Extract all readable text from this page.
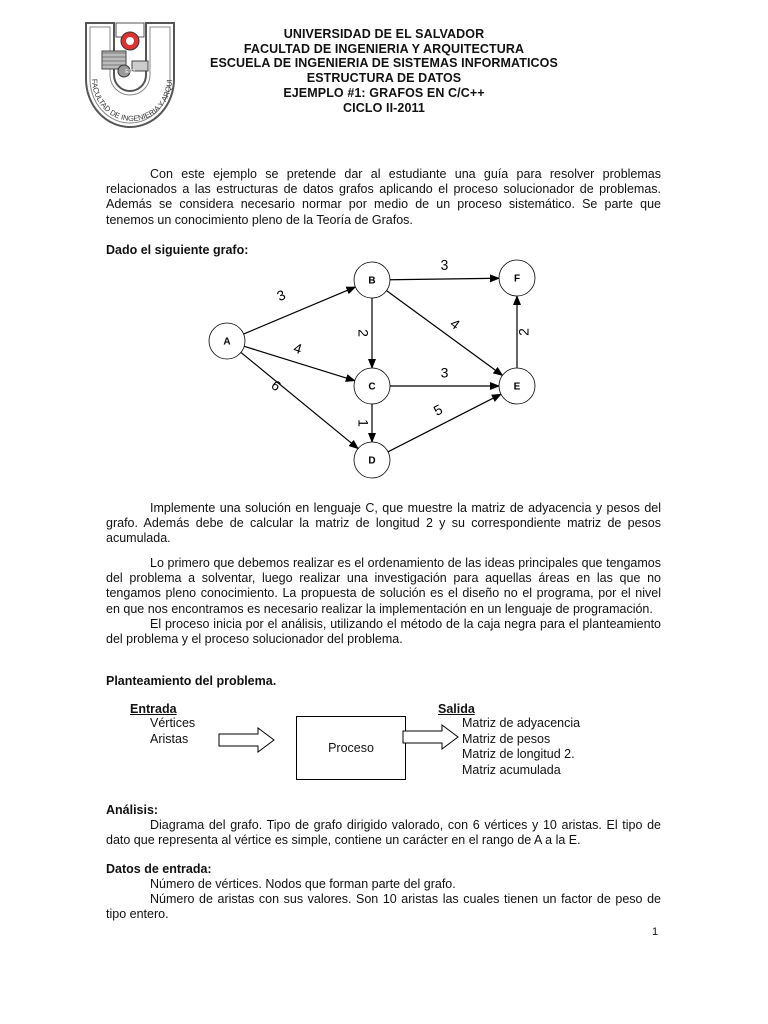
FACULTAD DE INGENIERIA Y ARQUI
EISI
UNIVERSIDAD DE EL SALVADOR
FACULTAD DE INGENIERIA Y ARQUITECTURA
ESCUELA DE INGENIERIA DE SISTEMAS INFORMATICOS
ESTRUCTURA DE DATOS
EJEMPLO #1: GRAFOS EN C/C++
CICLO II-2011

Con este ejemplo se pretende dar al estudiante una guía para resolver problemas relacionados a las estructuras de datos grafos aplicando el proceso solucionador de problemas. Además se considera necesario normar por medio de un proceso sistemático. Se parte que tenemos un conocimiento pleno de la Teoría de Grafos.

Dado el siguiente grafo:
3
4
6
2
4
3
1
3
5
2
A
B
C
D
E
F

Implemente una solución en lenguaje C, que muestre la matriz de adyacencia y pesos del grafo. Además debe de calcular la matriz de longitud 2 y su correspondiente matriz de pesos acumulada.

Lo primero que debemos realizar es el ordenamiento de las ideas principales que tengamos del problema a solventar, luego realizar una investigación para aquellas áreas en las que no tengamos pleno conocimiento. La propuesta de solución es el diseño no el programa, por el nivel en que nos encontramos es necesario realizar la implementación en un lenguaje de programación.

El proceso inicia por el análisis, utilizando el método de la caja negra para el planteamiento del problema y el proceso solucionador del problema.

Planteamiento del problema.
Entrada
Vértices
Aristas
Proceso
Salida
Matriz de adyacencia
Matriz de pesos
Matriz de longitud 2.
Matriz acumulada
Análisis:

Diagrama del grafo. Tipo de grafo dirigido valorado, con 6 vértices y 10 aristas. El tipo de dato que representa al vértice es simple, contiene un carácter en el rango de A a la E.

Datos de entrada:

Número de vértices. Nodos que forman parte del grafo.

Número de aristas con sus valores. Son 10 aristas las cuales tienen un factor de peso de tipo entero.

1
